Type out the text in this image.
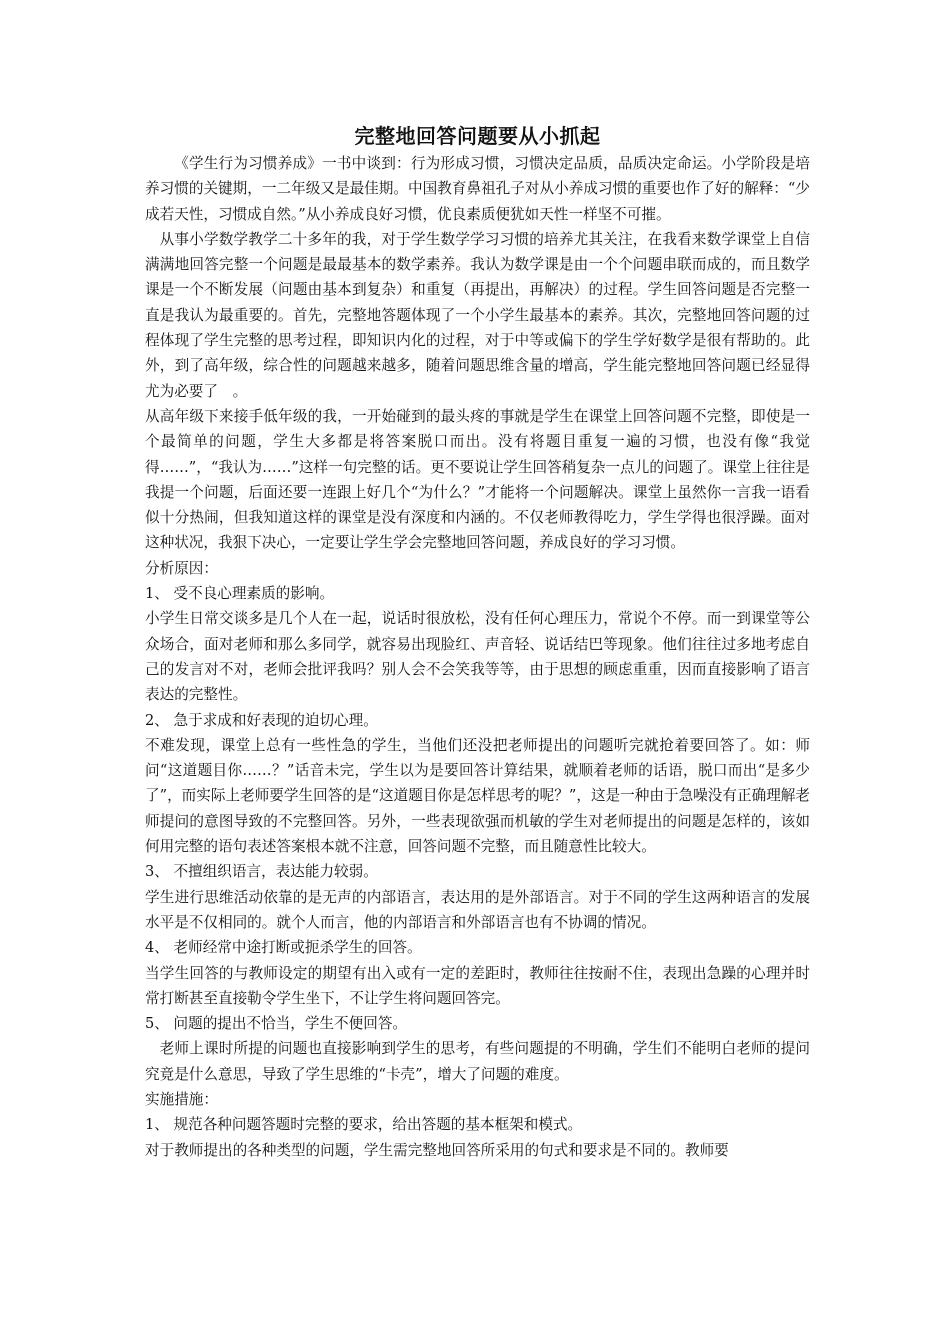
完整地回答问题要从小抓起

《学生行为习惯养成》一书中谈到：行为形成习惯，习惯决定品质，品质决定命运。小学阶段是培养习惯的关键期，一二年级又是最佳期。中国教育鼻祖孔子对从小养成习惯的重要也作了好的解释：“少成若天性，习惯成自然。”从小养成良好习惯，优良素质便犹如天性一样坚不可摧。

从事小学数学教学二十多年的我，对于学生数学学习习惯的培养尤其关注，在我看来数学课堂上自信满满地回答完整一个问题是最最基本的数学素养。我认为数学课是由一个个问题串联而成的，而且数学课是一个不断发展（问题由基本到复杂）和重复（再提出，再解决）的过程。学生回答问题是否完整一直是我认为最重要的。首先，完整地答题体现了一个小学生最基本的素养。其次，完整地回答问题的过程体现了学生完整的思考过程，即知识内化的过程，对于中等或偏下的学生学好数学是很有帮助的。此外，到了高年级，综合性的问题越来越多，随着问题思维含量的增高，学生能完整地回答问题已经显得尤为必要了　。

从高年级下来接手低年级的我，一开始碰到的最头疼的事就是学生在课堂上回答问题不完整，即使是一个最简单的问题，学生大多都是将答案脱口而出。没有将题目重复一遍的习惯，也没有像“我觉得……”，“我认为……”这样一句完整的话。更不要说让学生回答稍复杂一点儿的问题了。课堂上往往是我提一个问题，后面还要一连跟上好几个“为什么？”才能将一个问题解决。课堂上虽然你一言我一语看似十分热闹，但我知道这样的课堂是没有深度和内涵的。不仅老师教得吃力，学生学得也很浮躁。面对这种状况，我狠下决心，一定要让学生学会完整地回答问题，养成良好的学习习惯。

分析原因：

1、 受不良心理素质的影响。

小学生日常交谈多是几个人在一起，说话时很放松，没有任何心理压力，常说个不停。而一到课堂等公众场合，面对老师和那么多同学，就容易出现脸红、声音轻、说话结巴等现象。他们往往过多地考虑自己的发言对不对，老师会批评我吗？别人会不会笑我等等，由于思想的顾虑重重，因而直接影响了语言表达的完整性。

2、 急于求成和好表现的迫切心理。

不难发现，课堂上总有一些性急的学生，当他们还没把老师提出的问题听完就抢着要回答了。如：师问“这道题目你……？”话音未完，学生以为是要回答计算结果，就顺着老师的话语，脱口而出“是多少了”，而实际上老师要学生回答的是“这道题目你是怎样思考的呢？”，这是一种由于急噪没有正确理解老师提问的意图导致的不完整回答。另外，一些表现欲强而机敏的学生对老师提出的问题是怎样的，该如何用完整的语句表述答案根本就不注意，回答问题不完整，而且随意性比较大。

3、 不擅组织语言，表达能力较弱。

学生进行思维活动依靠的是无声的内部语言，表达用的是外部语言。对于不同的学生这两种语言的发展水平是不仅相同的。就个人而言，他的内部语言和外部语言也有不协调的情况。

4、 老师经常中途打断或扼杀学生的回答。

当学生回答的与教师设定的期望有出入或有一定的差距时，教师往往按耐不住，表现出急躁的心理并时常打断甚至直接勒令学生坐下，不让学生将问题回答完。

5、 问题的提出不恰当，学生不便回答。

老师上课时所提的问题也直接影响到学生的思考，有些问题提的不明确，学生们不能明白老师的提问究竟是什么意思，导致了学生思维的“卡壳”，增大了问题的难度。

实施措施：

1、 规范各种问题答题时完整的要求，给出答题的基本框架和模式。

对于教师提出的各种类型的问题，学生需完整地回答所采用的句式和要求是不同的。教师要
